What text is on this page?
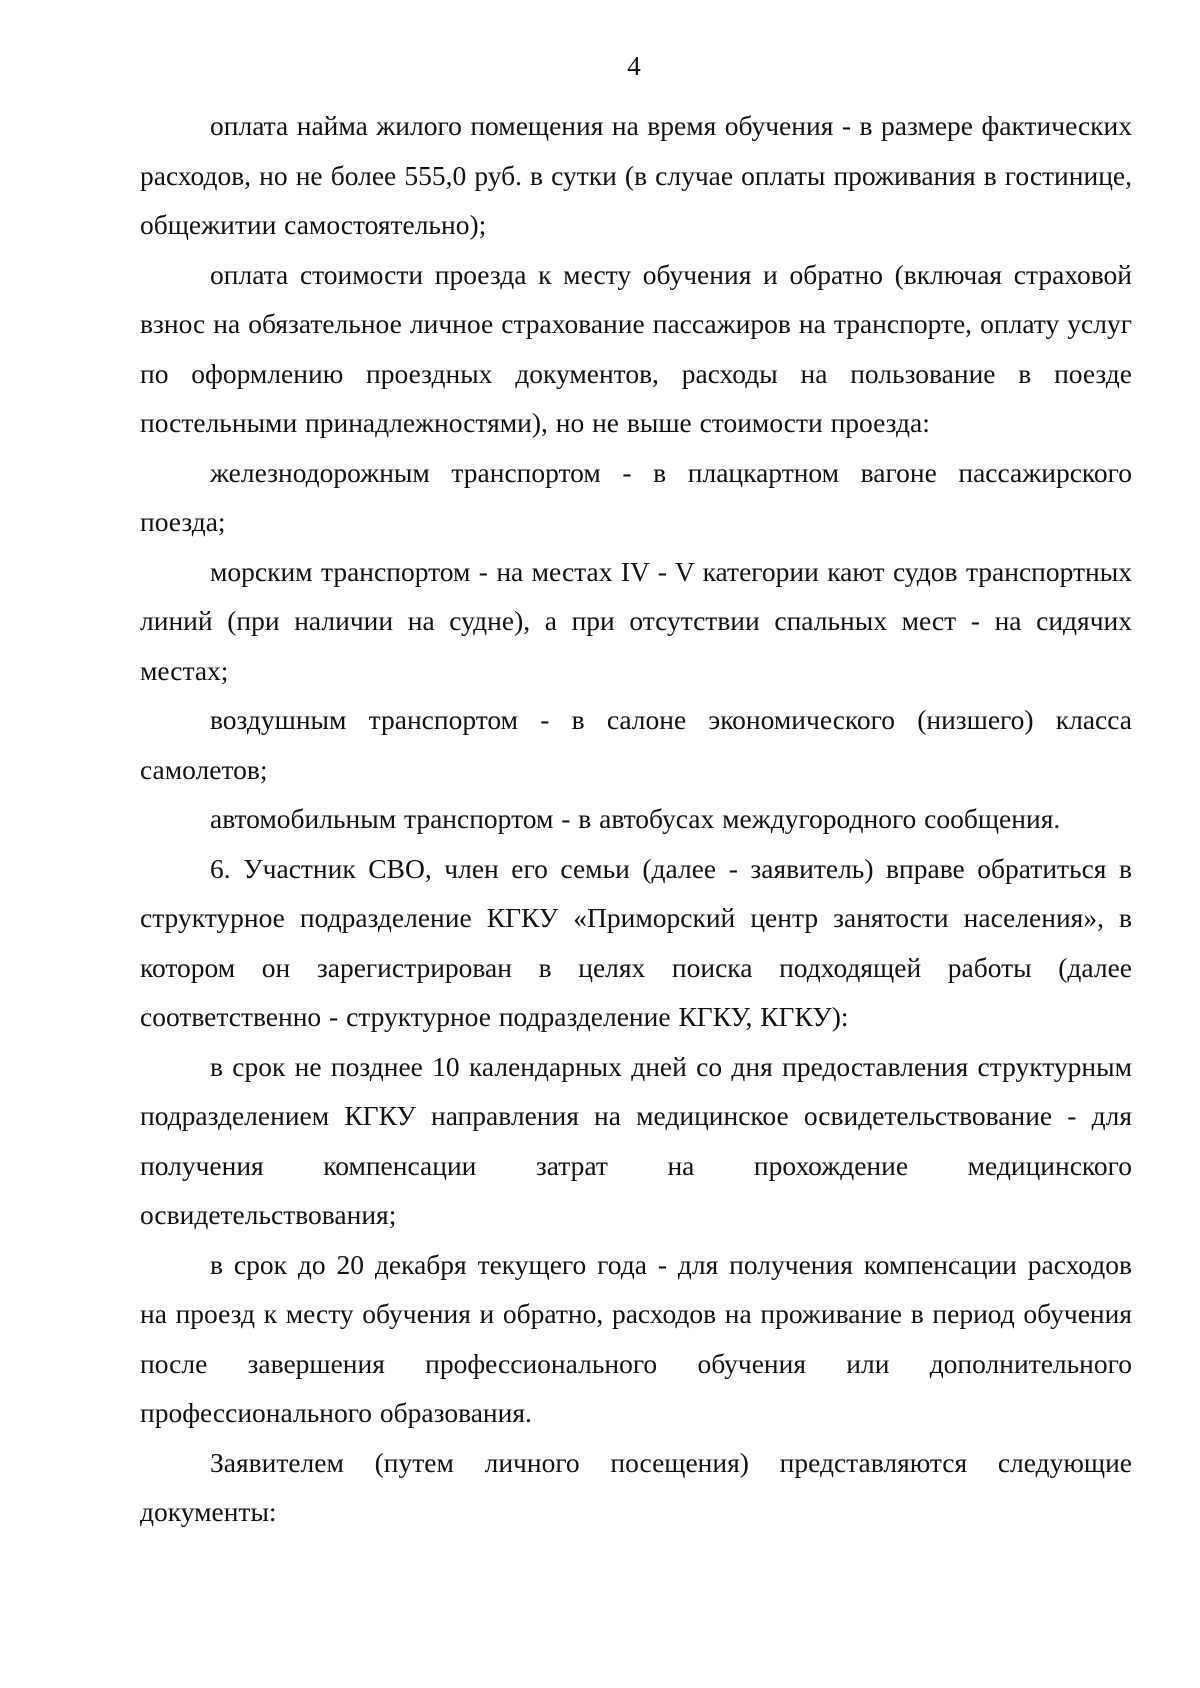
4

оплата найма жилого помещения на время обучения - в размере фактических расходов, но не более 555,0 руб. в сутки (в случае оплаты проживания в гостинице, общежитии самостоятельно);

оплата стоимости проезда к месту обучения и обратно (включая страховой взнос на обязательное личное страхование пассажиров на транспорте, оплату услуг по оформлению проездных документов, расходы на пользование в поезде постельными принадлежностями), но не выше стоимости проезда:

железнодорожным транспортом - в плацкартном вагоне пассажирского поезда;

морским транспортом - на местах IV - V категории кают судов транспортных линий (при наличии на судне), а при отсутствии спальных мест - на сидячих местах;

воздушным транспортом - в салоне экономического (низшего) класса самолетов;

автомобильным транспортом - в автобусах междугородного сообщения.

6. Участник СВО, член его семьи (далее - заявитель) вправе обратиться в структурное подразделение КГКУ «Приморский центр занятости населения», в котором он зарегистрирован в целях поиска подходящей работы (далее соответственно - структурное подразделение КГКУ, КГКУ):

в срок не позднее 10 календарных дней со дня предоставления структурным подразделением КГКУ направления на медицинское освидетельствование - для получения компенсации затрат на прохождение медицинского освидетельствования;

в срок до 20 декабря текущего года - для получения компенсации расходов на проезд к месту обучения и обратно, расходов на проживание в период обучения после завершения профессионального обучения или дополнительного профессионального образования.

Заявителем (путем личного посещения) представляются следующие документы:
